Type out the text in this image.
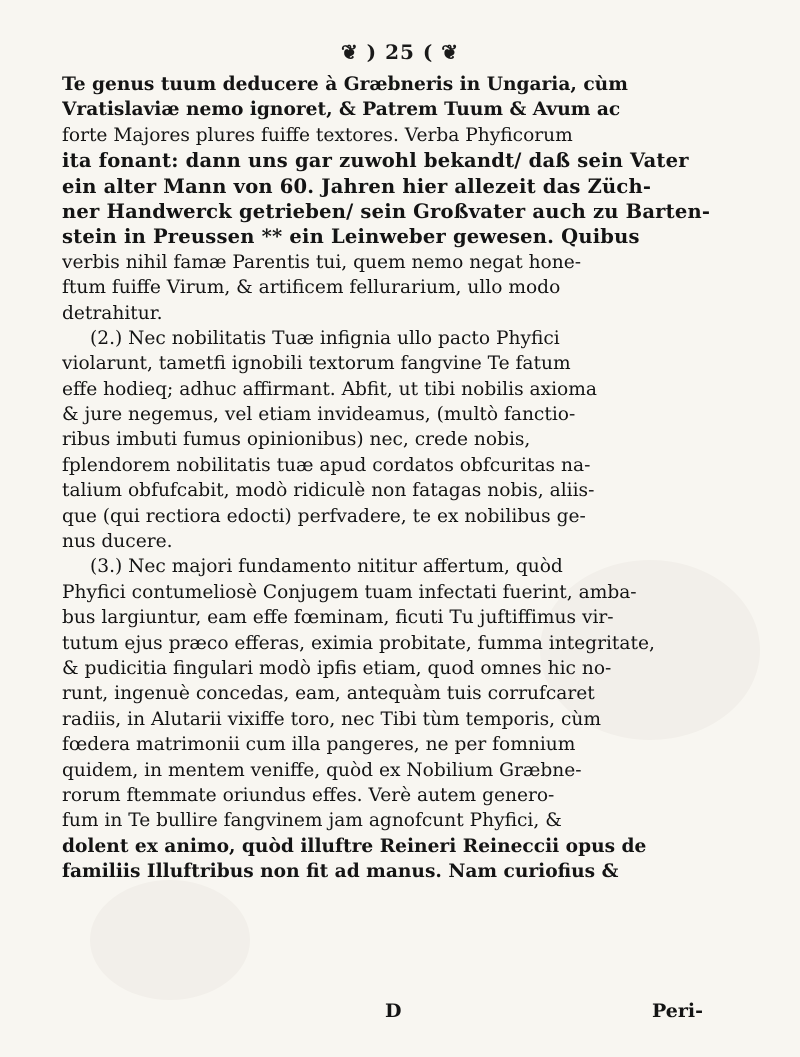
❦ ) 25 ( ❦
Te genus tuum deducere à Græbneris in Ungaria, cùm
Vratislaviæ nemo ignoret, & Patrem Tuum & Avum ac
forte Majores plures fuiffe textores. Verba Phyficorum
ita fonant: dann uns gar zuwohl bekandt/ daß sein Vater
ein alter Mann von 60. Jahren hier allezeit das Züch-
ner Handwerck getrieben/ sein Großvater auch zu Barten-
stein in Preussen ** ein Leinweber gewesen. Quibus
verbis nihil famæ Parentis tui, quem nemo negat hone-
ftum fuiffe Virum, & artificem fellurarium, ullo modo
detrahitur.
(2.) Nec nobilitatis Tuæ infignia ullo pacto Phyfici
violarunt, tametfi ignobili textorum fangvine Te fatum
effe hodieq; adhuc affirmant. Abfit, ut tibi nobilis axioma
& jure negemus, vel etiam invideamus, (multò fanctio-
ribus imbuti fumus opinionibus) nec, crede nobis,
fplendorem nobilitatis tuæ apud cordatos obfcuritas na-
talium obfufcabit, modò ridiculè non fatagas nobis, aliis-
que (qui rectiora edocti) perfvadere, te ex nobilibus ge-
nus ducere.
(3.) Nec majori fundamento nititur affertum, quòd
Phyfici contumeliosè Conjugem tuam infectati fuerint, amba-
bus largiuntur, eam effe fœminam, ficuti Tu juftiffimus vir-
tutum ejus præco efferas, eximia probitate, fumma integritate,
& pudicitia fingulari modò ipfis etiam, quod omnes hic no-
runt, ingenuè concedas, eam, antequàm tuis corrufcaret
radiis, in Alutarii vixiffe toro, nec Tibi tùm temporis, cùm
fœdera matrimonii cum illa pangeres, ne per fomnium
quidem, in mentem veniffe, quòd ex Nobilium Græbne-
rorum ftemmate oriundus effes. Verè autem genero-
fum in Te bullire fangvinem jam agnofcunt Phyfici, &
dolent ex animo, quòd illuftre Reineri Reineccii opus de
familiis Illuftribus non fit ad manus. Nam curiofius &
D	Peri-
